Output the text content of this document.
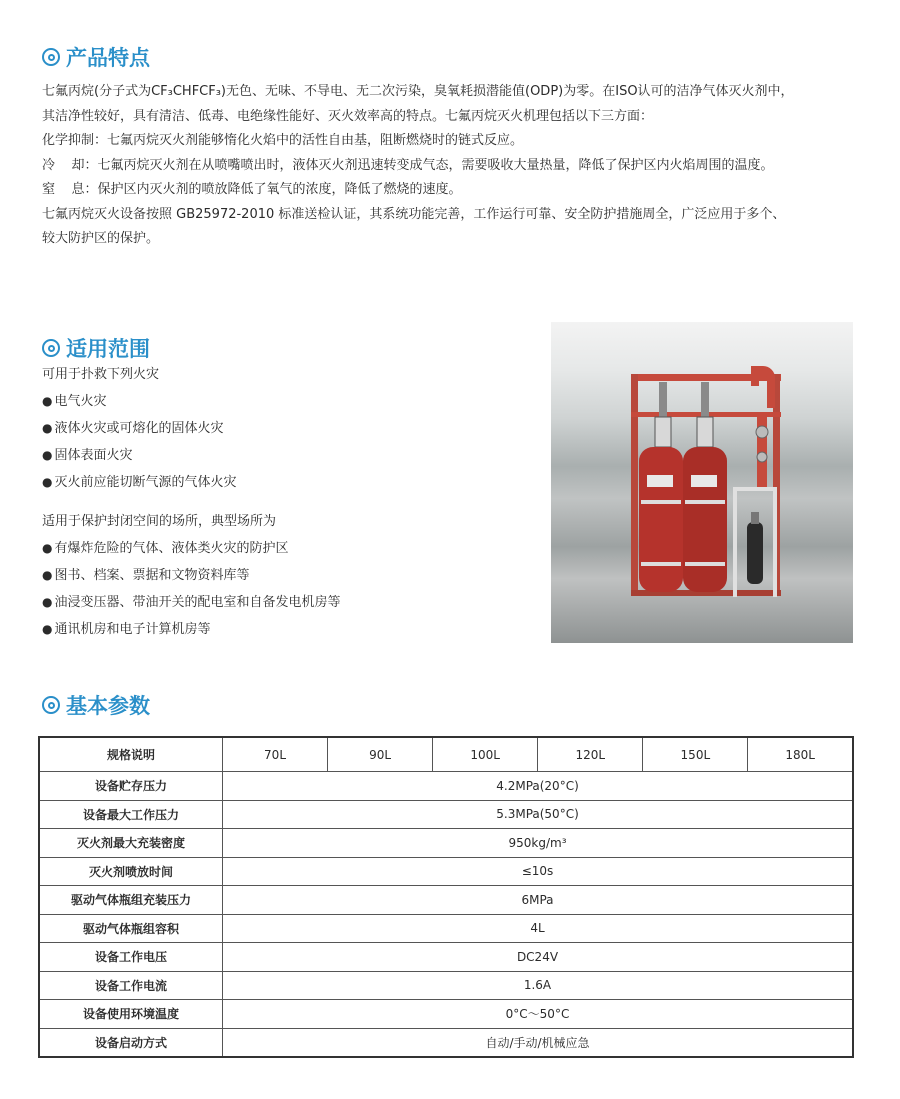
产品特点

七氟丙烷(分子式为CF₃CHFCF₃)无色、无味、不导电、无二次污染，臭氧耗损潜能值(ODP)为零。在ISO认可的洁净气体灭火剂中，

其洁净性较好，具有清洁、低毒、电绝缘性能好、灭火效率高的特点。七氟丙烷灭火机理包括以下三方面：

化学抑制：七氟丙烷灭火剂能够惰化火焰中的活性自由基，阻断燃烧时的链式反应。

冷    却：七氟丙烷灭火剂在从喷嘴喷出时，液体灭火剂迅速转变成气态，需要吸收大量热量，降低了保护区内火焰周围的温度。

窒    息：保护区内灭火剂的喷放降低了氧气的浓度，降低了燃烧的速度。

七氟丙烷灭火设备按照 GB25972-2010 标准送检认证，其系统功能完善，工作运行可靠、安全防护措施周全，广泛应用于多个、

较大防护区的保护。

适用范围
可用于扑救下列火灾
● 电气火灾
● 液体火灾或可熔化的固体火灾
● 固体表面火灾
● 灭火前应能切断气源的气体火灾
适用于保护封闭空间的场所，典型场所为
● 有爆炸危险的气体、液体类火灾的防护区
● 图书、档案、票据和文物资料库等
● 油浸变压器、带油开关的配电室和自备发电机房等
● 通讯机房和电子计算机房等
基本参数
规格说明	70L	90L	100L	120L	150L	180L
设备贮存压力	4.2MPa(20°C)					
设备最大工作压力	5.3MPa(50°C)					
灭火剂最大充装密度	950kg/m³					
灭火剂喷放时间	≤10s					
驱动气体瓶组充装压力	6MPa					
驱动气体瓶组容积	4L					
设备工作电压	DC24V					
设备工作电流	1.6A					
设备使用环境温度	0°C～50°C					
设备启动方式	自动/手动/机械应急					
